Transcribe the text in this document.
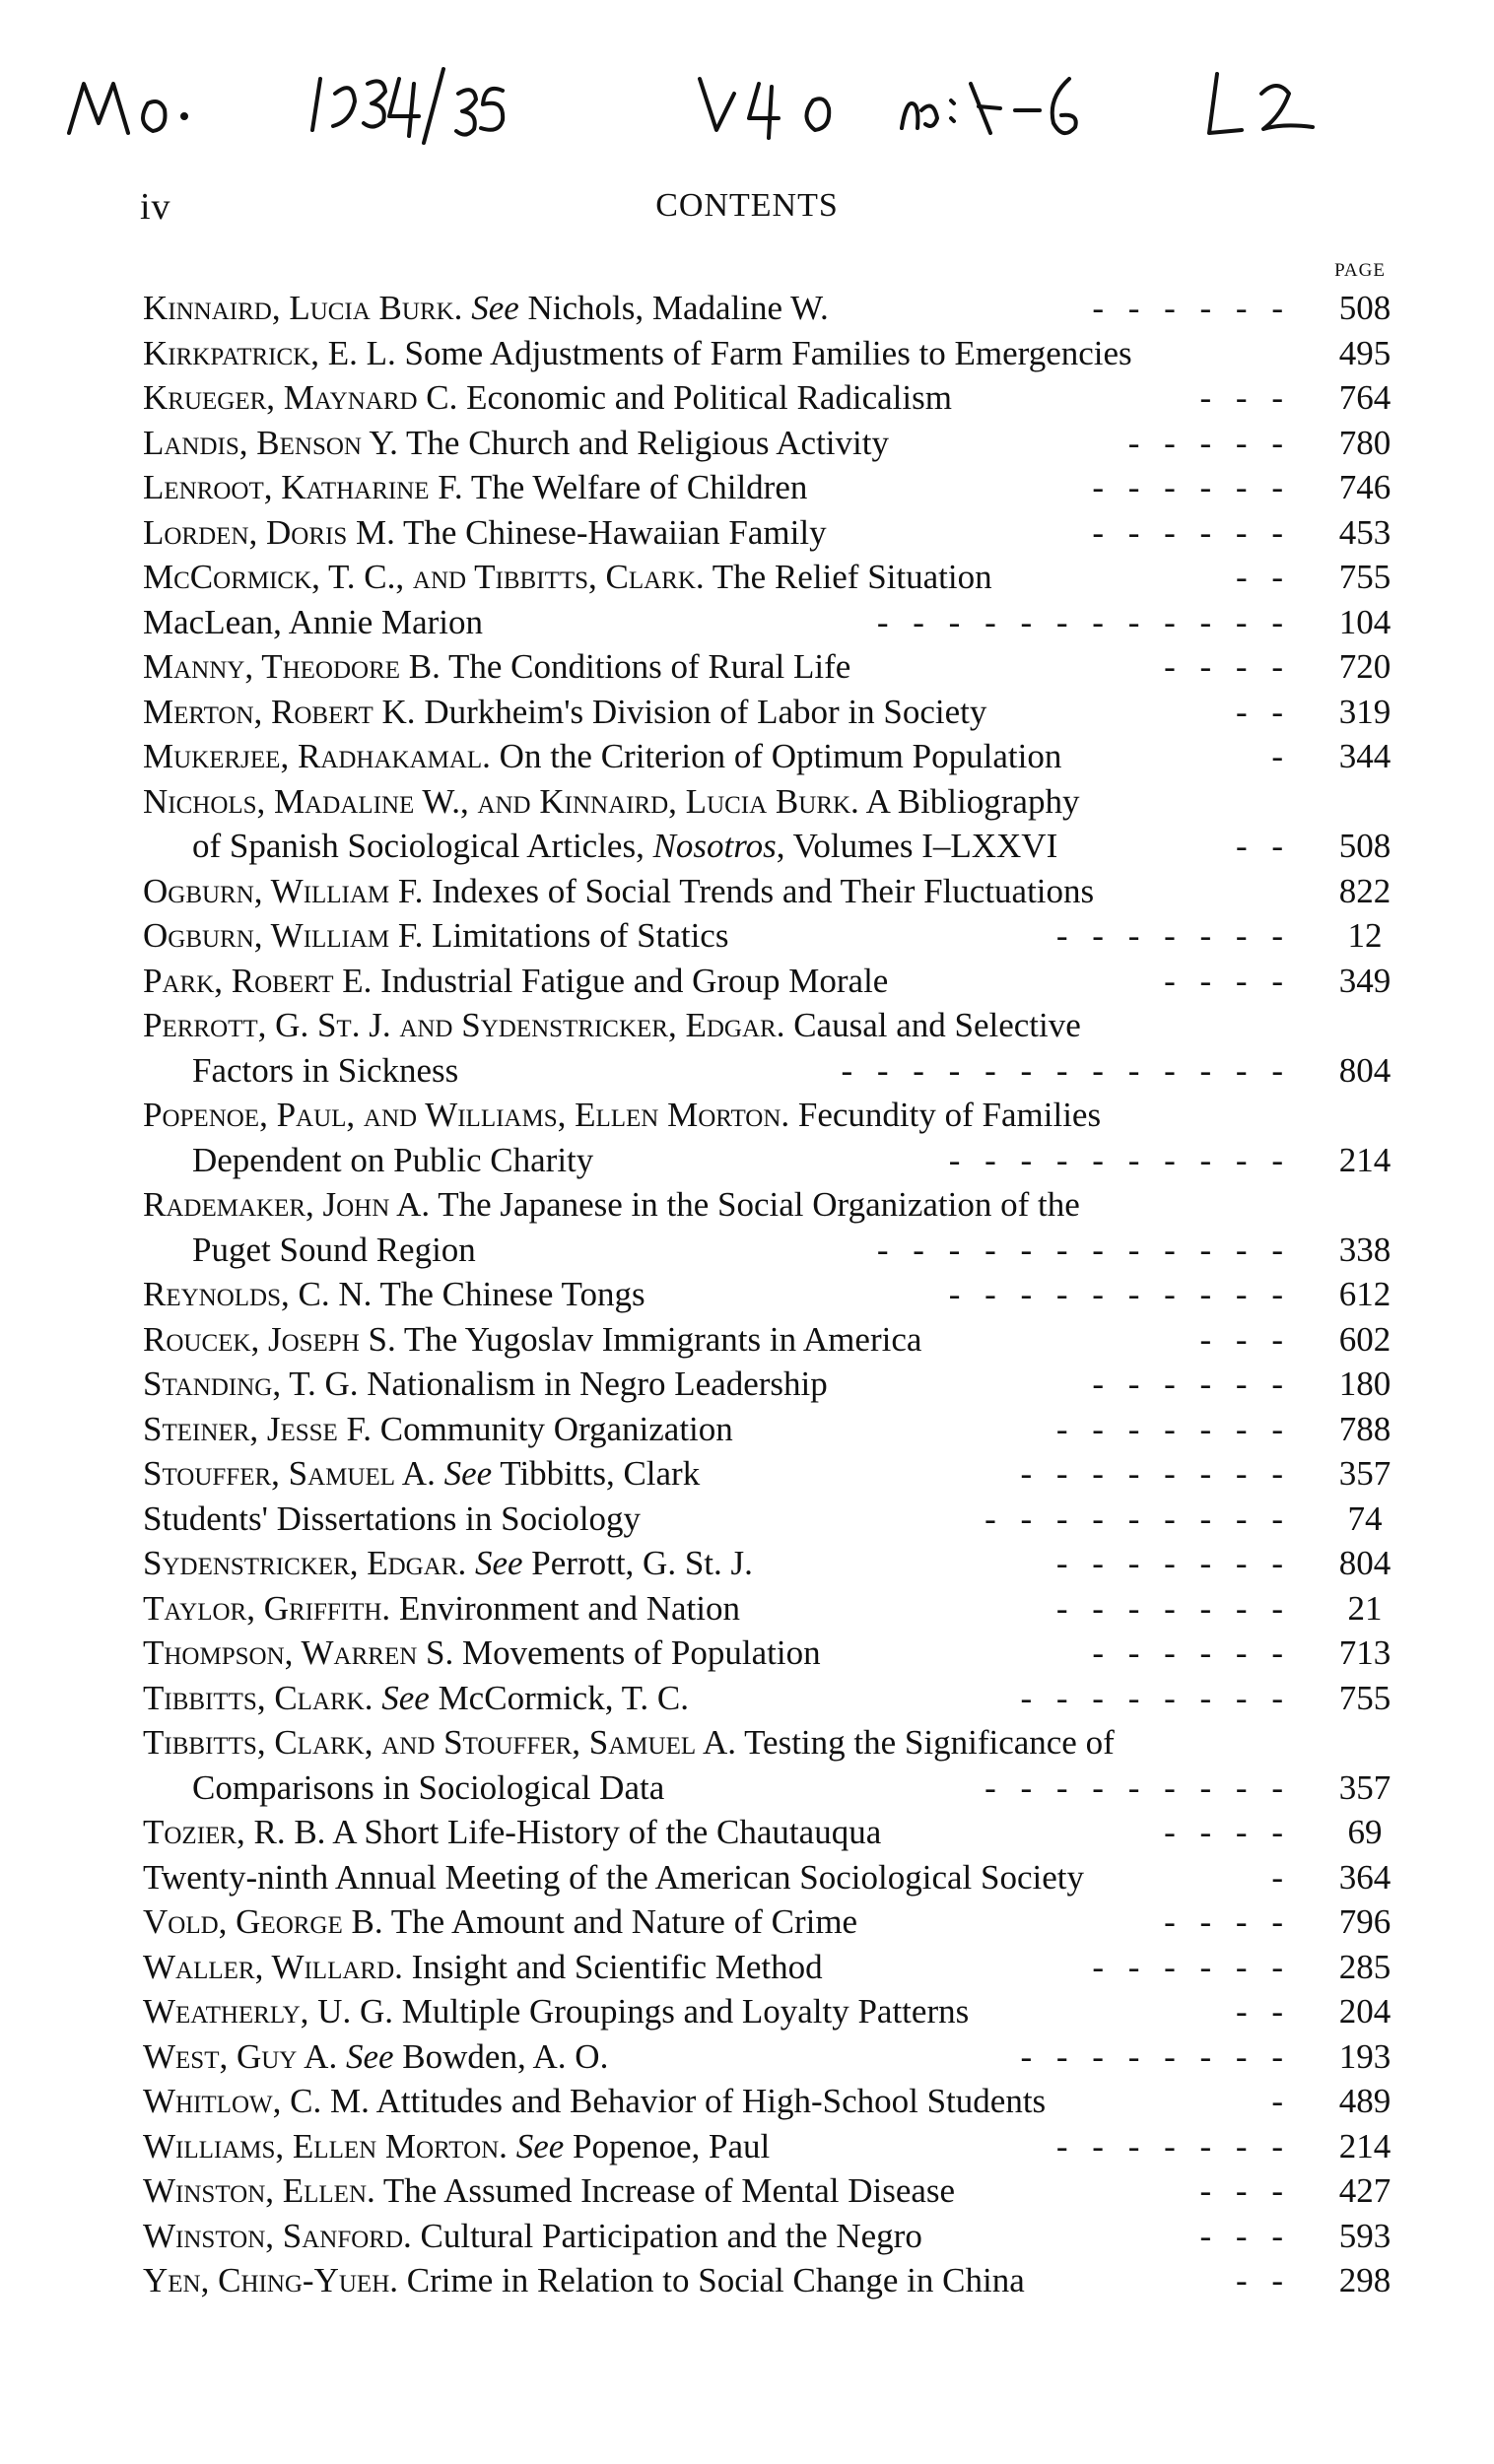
iv	CONTENTS
PAGE
Kinnaird, Lucia Burk. See Nichols, Madaline W.	- - - - - -	508
Kirkpatrick, E. L. Some Adjustments of Farm Families to Emergencies	495
Krueger, Maynard C. Economic and Political Radicalism	- - -	764
Landis, Benson Y. The Church and Religious Activity	- - - - -	780
Lenroot, Katharine F. The Welfare of Children	- - - - - -	746
Lorden, Doris M. The Chinese-Hawaiian Family	- - - - - -	453
McCormick, T. C., and Tibbitts, Clark. The Relief Situation	- -	755
MacLean, Annie Marion	- - - - - - - - - - - -	104
Manny, Theodore B. The Conditions of Rural Life	- - - -	720
Merton, Robert K. Durkheim's Division of Labor in Society	- -	319
Mukerjee, Radhakamal. On the Criterion of Optimum Population	-	344
Nichols, Madaline W., and Kinnaird, Lucia Burk. A Bibliography
of Spanish Sociological Articles, Nosotros, Volumes I–LXXVI	- -	508
Ogburn, William F. Indexes of Social Trends and Their Fluctuations	822
Ogburn, William F. Limitations of Statics	- - - - - - -	12
Park, Robert E. Industrial Fatigue and Group Morale	- - - -	349
Perrott, G. St. J. and Sydenstricker, Edgar. Causal and Selective
Factors in Sickness	- - - - - - - - - - - - -	804
Popenoe, Paul, and Williams, Ellen Morton. Fecundity of Families
Dependent on Public Charity	- - - - - - - - - -	214
Rademaker, John A. The Japanese in the Social Organization of the
Puget Sound Region	- - - - - - - - - - - -	338
Reynolds, C. N. The Chinese Tongs	- - - - - - - - - -	612
Roucek, Joseph S. The Yugoslav Immigrants in America	- - -	602
Standing, T. G. Nationalism in Negro Leadership	- - - - - -	180
Steiner, Jesse F. Community Organization	- - - - - - -	788
Stouffer, Samuel A. See Tibbitts, Clark	- - - - - - - -	357
Students' Dissertations in Sociology	- - - - - - - - -	74
Sydenstricker, Edgar. See Perrott, G. St. J.	- - - - - - -	804
Taylor, Griffith. Environment and Nation	- - - - - - -	21
Thompson, Warren S. Movements of Population	- - - - - -	713
Tibbitts, Clark. See McCormick, T. C.	- - - - - - - -	755
Tibbitts, Clark, and Stouffer, Samuel A. Testing the Significance of
Comparisons in Sociological Data	- - - - - - - - -	357
Tozier, R. B. A Short Life-History of the Chautauqua	- - - -	69
Twenty-ninth Annual Meeting of the American Sociological Society	-	364
Vold, George B. The Amount and Nature of Crime	- - - -	796
Waller, Willard. Insight and Scientific Method	- - - - - -	285
Weatherly, U. G. Multiple Groupings and Loyalty Patterns	- -	204
West, Guy A. See Bowden, A. O.	- - - - - - - -	193
Whitlow, C. M. Attitudes and Behavior of High-School Students	-	489
Williams, Ellen Morton. See Popenoe, Paul	- - - - - - -	214
Winston, Ellen. The Assumed Increase of Mental Disease	- - -	427
Winston, Sanford. Cultural Participation and the Negro	- - -	593
Yen, Ching-Yueh. Crime in Relation to Social Change in China	- -	298
